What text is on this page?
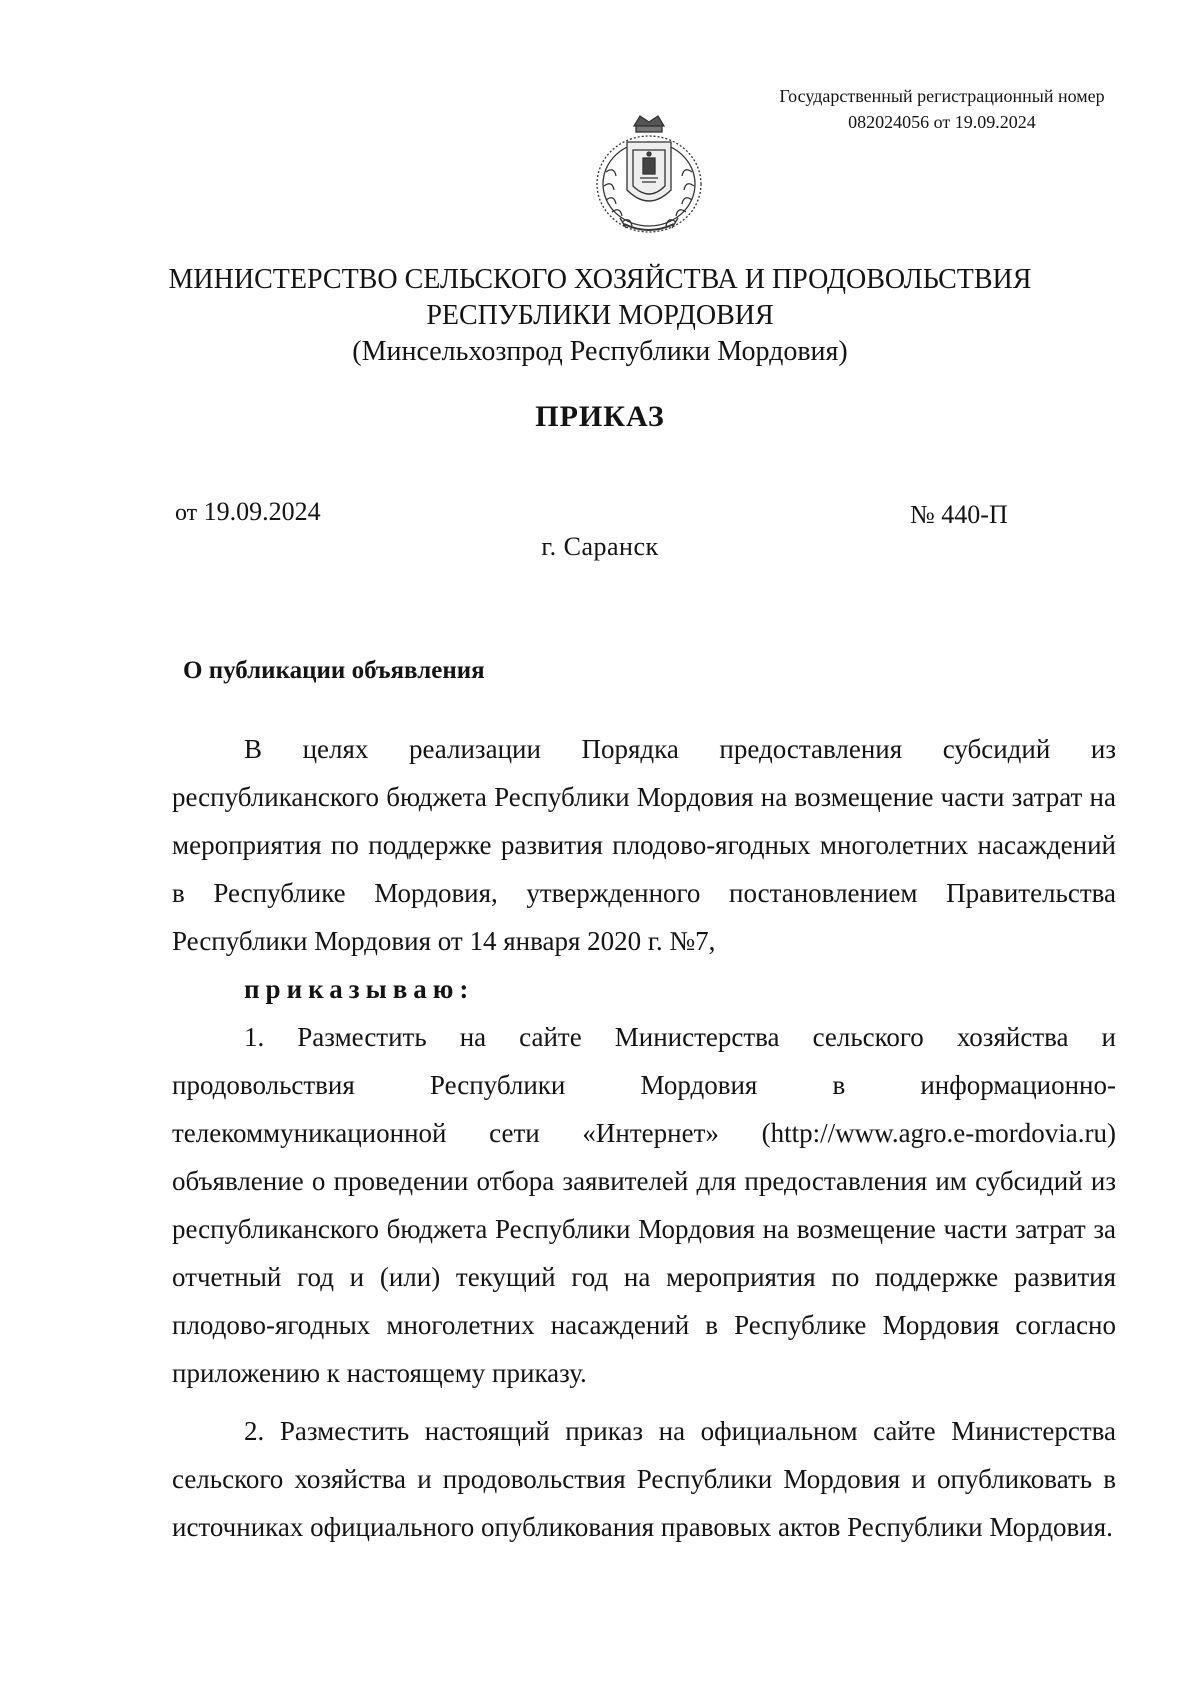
Государственный регистрационный номер
082024056 от 19.09.2024
МИНИСТЕРСТВО СЕЛЬСКОГО ХОЗЯЙСТВА И ПРОДОВОЛЬСТВИЯ
РЕСПУБЛИКИ МОРДОВИЯ
(Минсельхозпрод Республики Мордовия)
ПРИКАЗ
от 19.09.2024	№ 440-П
г. Саранск
О публикации объявления

В целях реализации Порядка предоставления субсидий из республиканского бюджета Республики Мордовия на возмещение части затрат на мероприятия по поддержке развития плодово-ягодных многолетних насаждений в Республике Мордовия, утвержденного постановлением Правительства Республики Мордовия от 14 января 2020 г. №7,

приказываю:

1. Разместить на сайте Министерства сельского хозяйства и продовольствия Республики Мордовия в информационно-телекоммуникационной сети «Интернет» (http://www.agro.e-mordovia.ru) объявление о проведении отбора заявителей для предоставления им субсидий из республиканского бюджета Республики Мордовия на возмещение части затрат за отчетный год и (или) текущий год на мероприятия по поддержке развития плодово-ягодных многолетних насаждений в Республике Мордовия согласно приложению к настоящему приказу.

2. Разместить настоящий приказ на официальном сайте Министерства сельского хозяйства и продовольствия Республики Мордовия и опубликовать в источниках официального опубликования правовых актов Республики Мордовия.
